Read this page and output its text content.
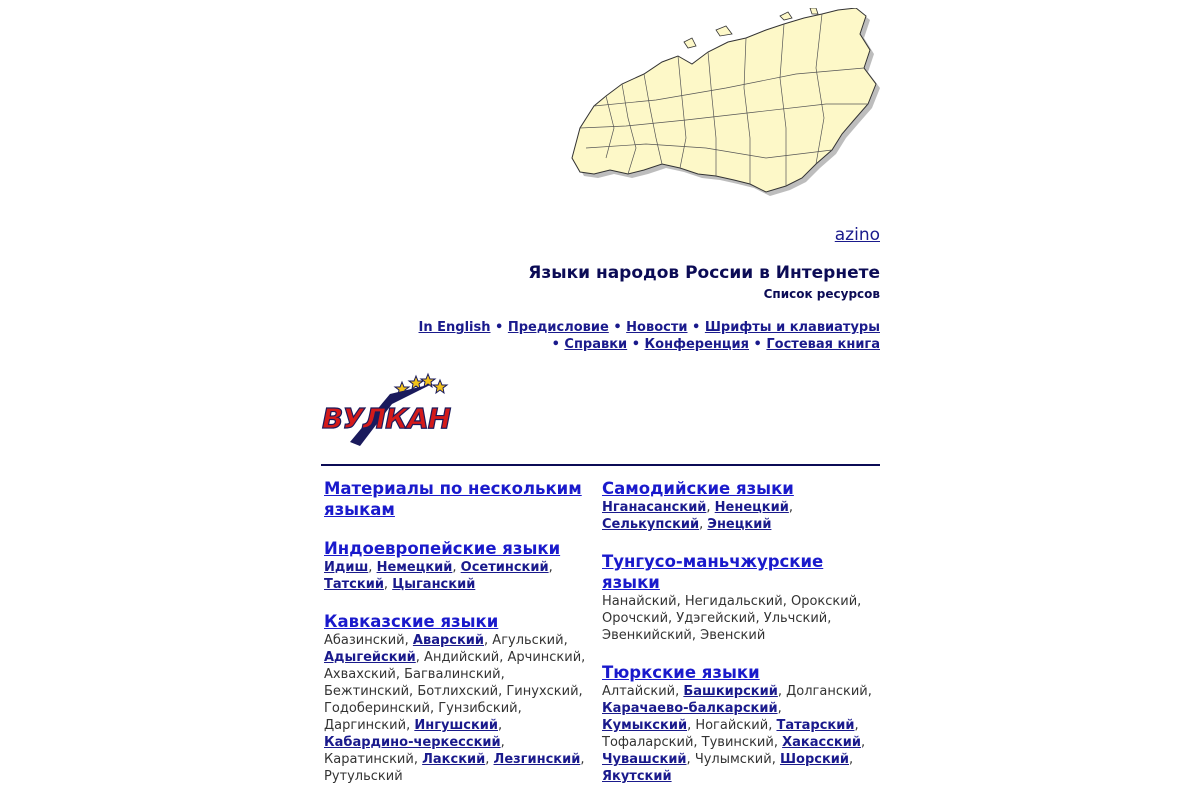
azino
Языки народов России в Интернете
Список ресурсов
In English • Предисловие • Новости • Шрифты и клавиатуры
• Справки • Конференция • Гостевая книга
ВУЛКАН
Материалы по нескольким языкам
Индоевропейские языки
Идиш, Немецкий, Осетинский, Татский, Цыганский
Кавказские языки
Абазинский, Аварский, Агульский, Адыгейский, Андийский, Арчинский, Ахвахский, Багвалинский, Бежтинский, Ботлихский, Гинухский, Годоберинский, Гунзибский, Даргинский, Ингушский, Кабардино-черкесский, Каратинский, Лакский, Лезгинский, Рутульский
Самодийские языки
Нганасанский, Ненецкий, Селькупский, Энецкий
Тунгусо-маньчжурские языки
Нанайский, Негидальский, Орокский, Орочский, Удэгейский, Ульчский, Эвенкийский, Эвенский
Тюркские языки
Алтайский, Башкирский, Долганский, Карачаево-балкарский, Кумыкский, Ногайский, Татарский, Тофаларский, Тувинский, Хакасский, Чувашский, Чулымский, Шорский, Якутский
